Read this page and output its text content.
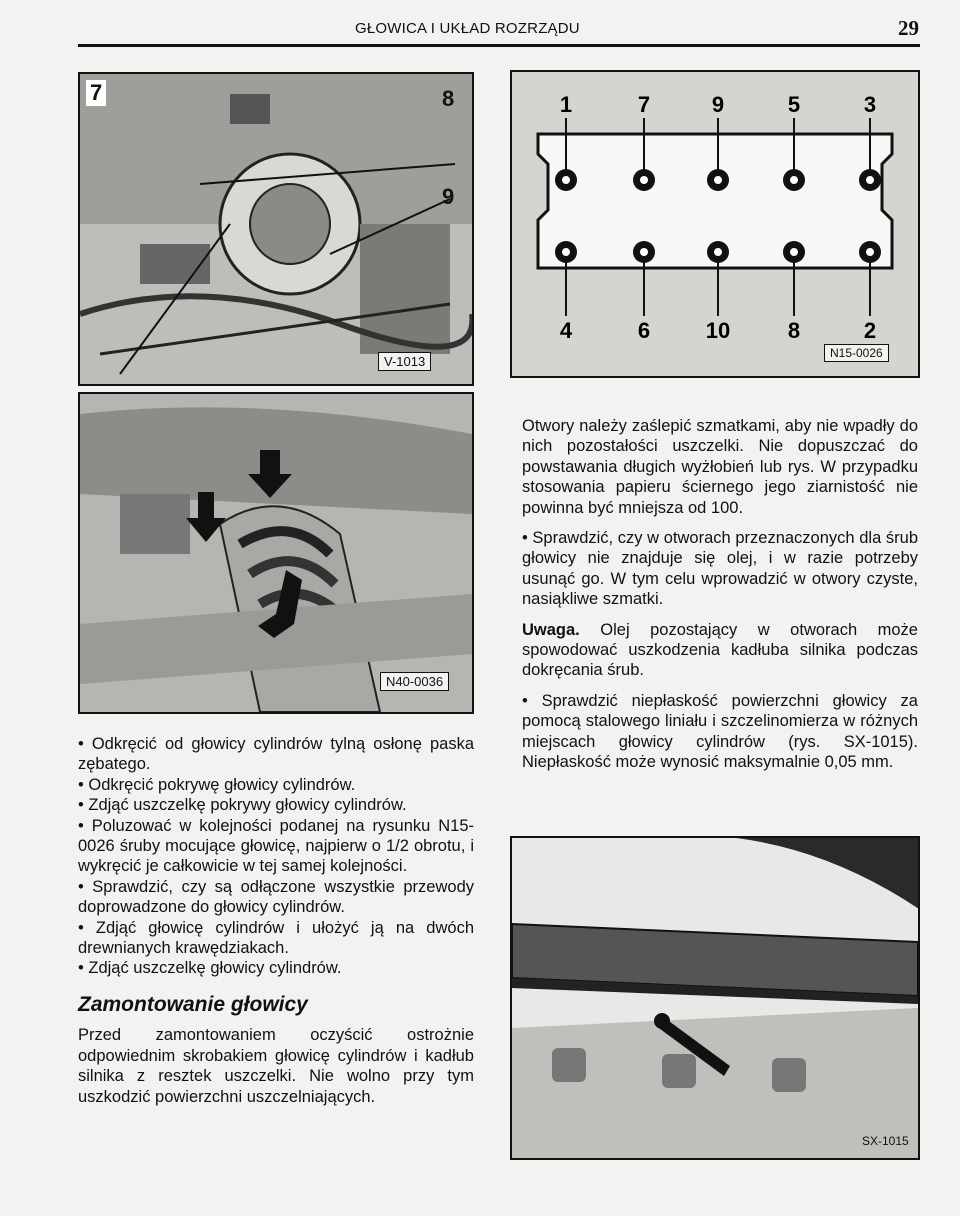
GŁOWICA I UKŁAD ROZRZĄDU	29
7	8
9
V-1013
N40-0036
1
4
7
6
9
10
5
8
3
2
N15-0026
SX-1015

• Odkręcić od głowicy cylindrów tylną osłonę paska zębatego.

• Odkręcić pokrywę głowicy cylindrów.

• Zdjąć uszczelkę pokrywy głowicy cylindrów.

• Poluzować w kolejności podanej na rysunku N15-0026 śruby mocujące głowicę, najpierw o 1/2 obrotu, i wykręcić je całkowicie w tej samej kolejności.

• Sprawdzić, czy są odłączone wszystkie przewody doprowadzone do głowicy cylindrów.

• Zdjąć głowicę cylindrów i ułożyć ją na dwóch drewnianych krawędziakach.

• Zdjąć uszczelkę głowicy cylindrów.

Zamontowanie głowicy

Przed zamontowaniem oczyścić ostrożnie odpowiednim skrobakiem głowicę cylindrów i kadłub silnika z resztek uszczelki. Nie wolno przy tym uszkodzić powierzchni uszczelniających.

Otwory należy zaślepić szmatkami, aby nie wpadły do nich pozostałości uszczelki. Nie dopuszczać do powstawania długich wyżłobień lub rys. W przypadku stosowania papieru ściernego jego ziarnistość nie powinna być mniejsza od 100.

• Sprawdzić, czy w otworach przeznaczonych dla śrub głowicy nie znajduje się olej, i w razie potrzeby usunąć go. W tym celu wprowadzić w otwory czyste, nasiąkliwe szmatki.

Uwaga. Olej pozostający w otworach może spowodować uszkodzenia kadłuba silnika podczas dokręcania śrub.

• Sprawdzić niepłaskość powierzchni głowicy za pomocą stalowego liniału i szczelinomierza w różnych miejscach głowicy cylindrów (rys. SX-1015). Niepłaskość może wynosić maksymalnie 0,05 mm.
